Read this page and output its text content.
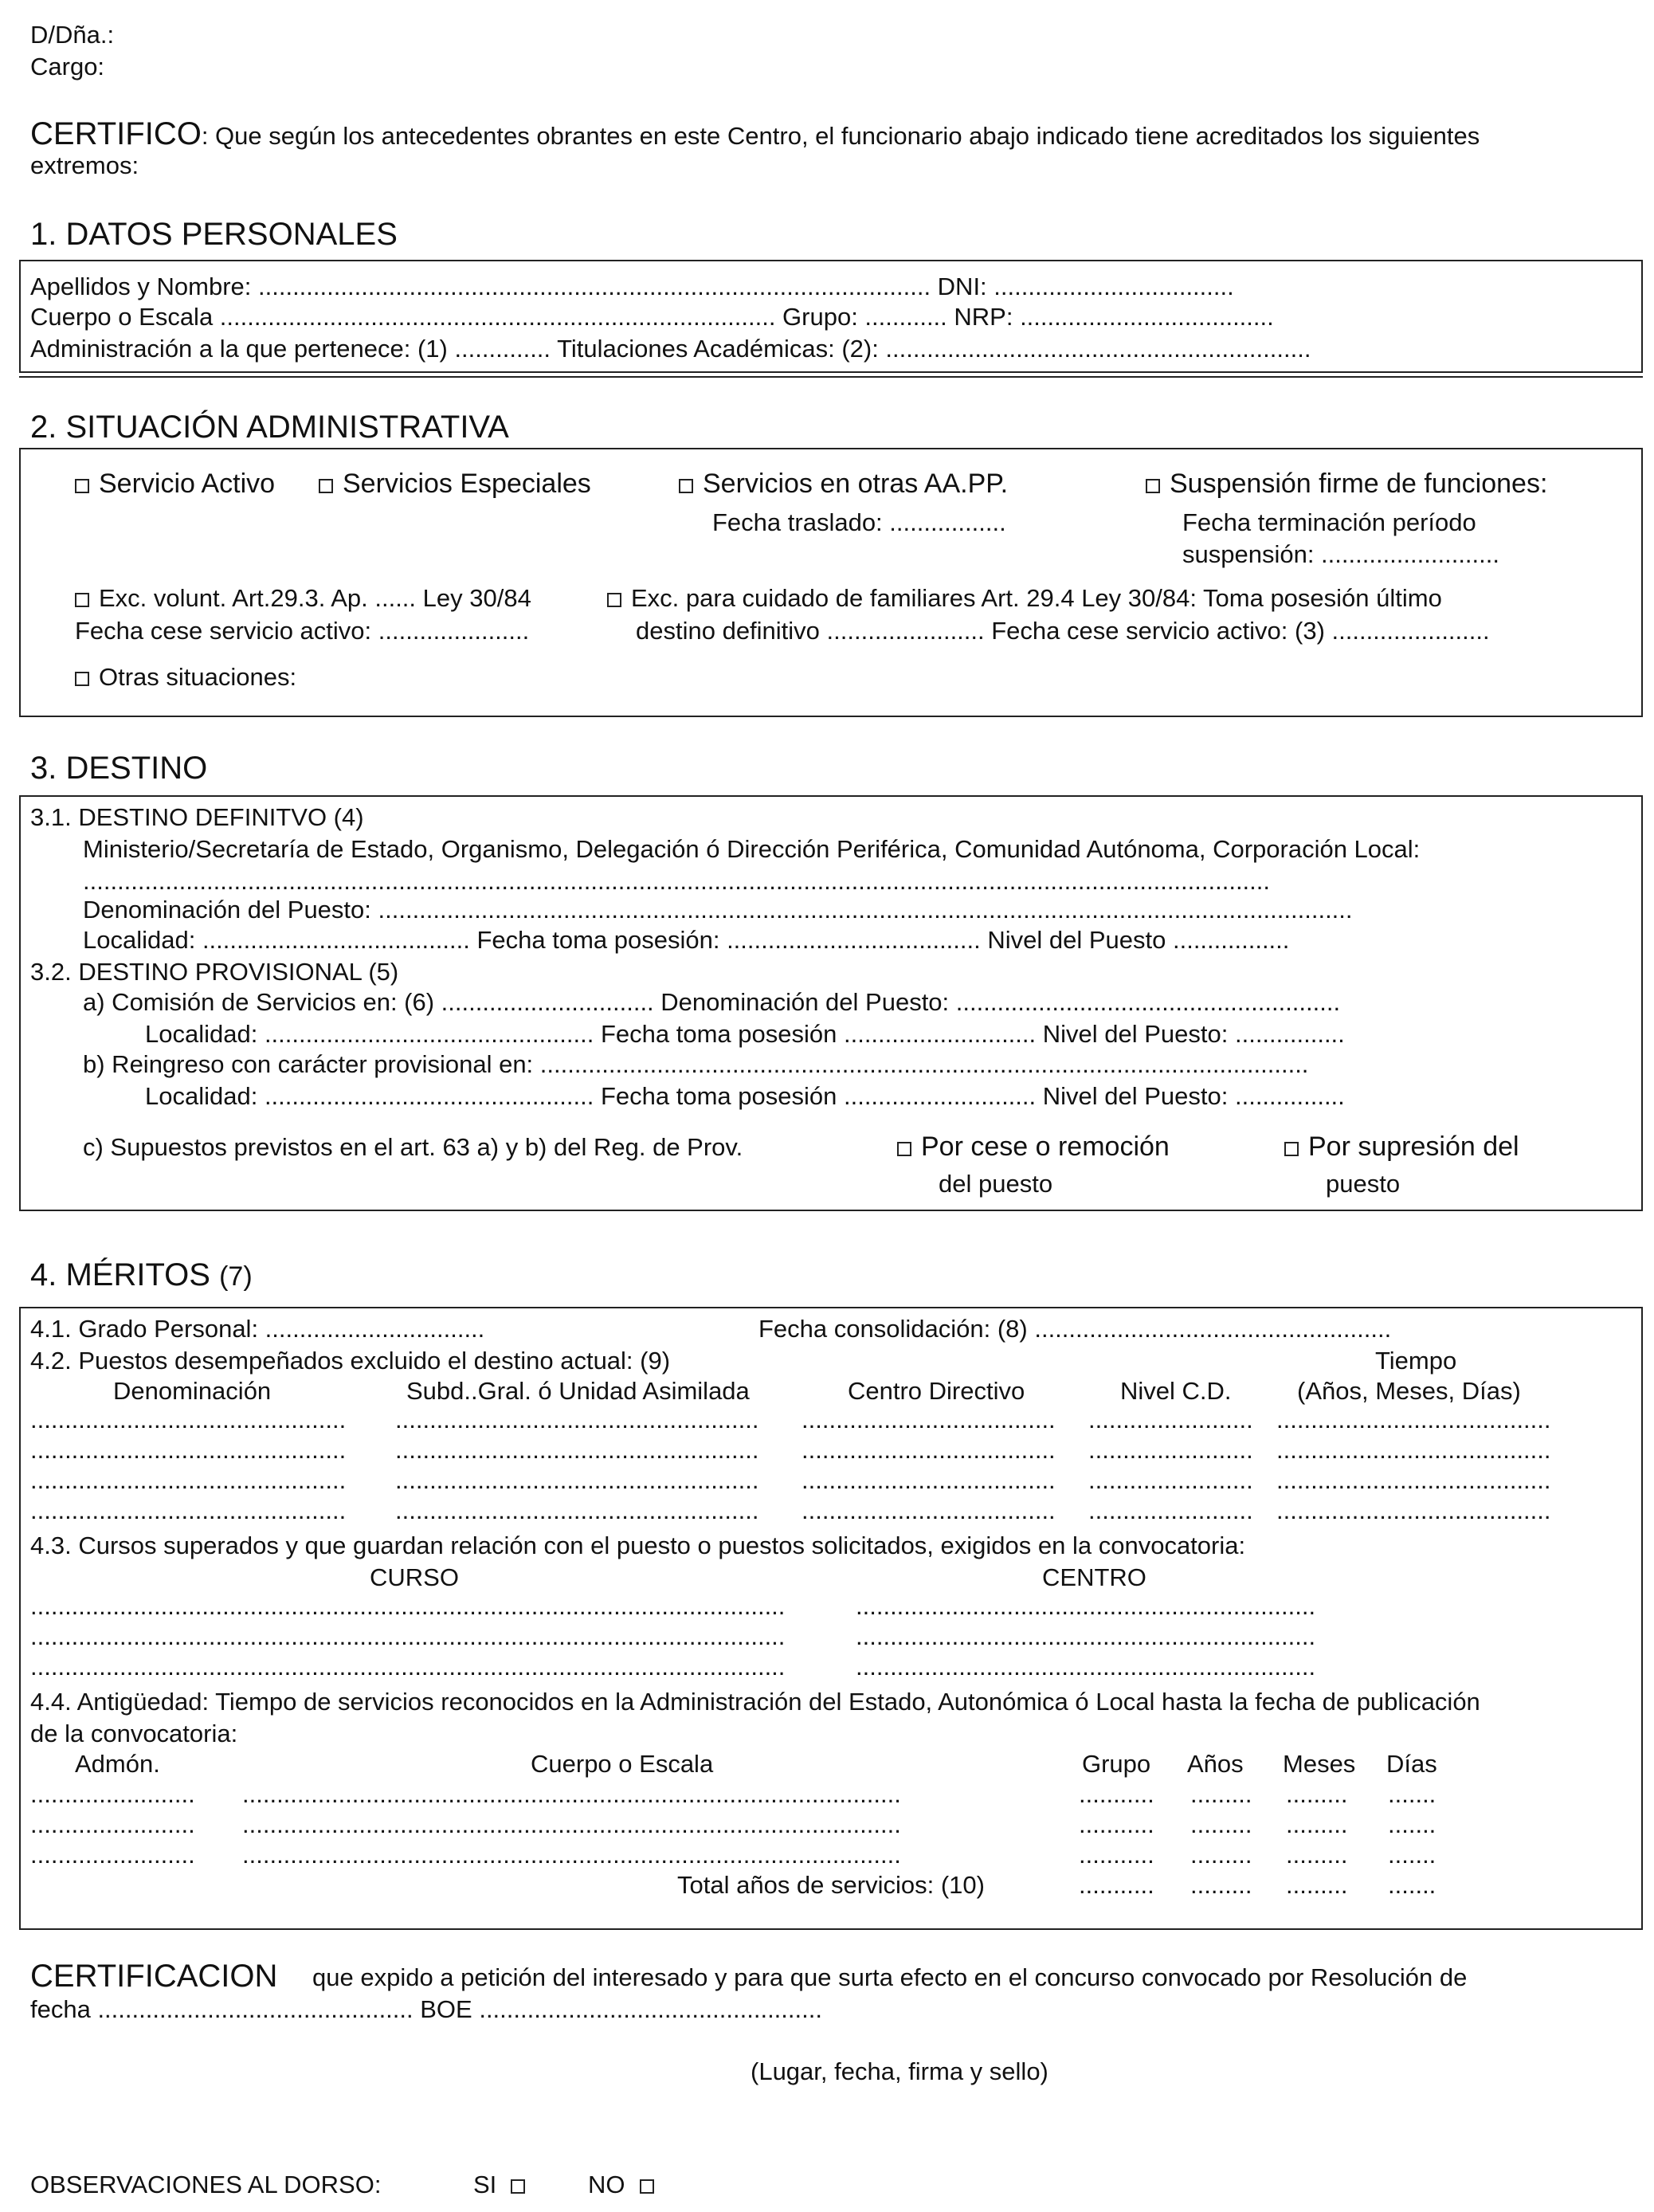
D/Dña.:
Cargo:
CERTIFICO: Que según los antecedentes obrantes en este Centro, el funcionario abajo indicado tiene acreditados los siguientes
extremos:
1. DATOS PERSONALES
Apellidos y Nombre: .................................................................................................. DNI: ...................................
Cuerpo o Escala ................................................................................. Grupo: ............ NRP: .....................................
Administración a la que pertenece: (1) .............. Titulaciones Académicas: (2): ..............................................................
2. SITUACIÓN ADMINISTRATIVA
Servicio Activo	Servicios Especiales	Servicios en otras AA.PP.	Suspensión firme de funciones:
Fecha traslado: .................	Fecha terminación período
suspensión: ..........................
Exc. volunt. Art.29.3. Ap. ...... Ley 30/84
Fecha cese servicio activo: ......................
Exc. para cuidado de familiares Art. 29.4 Ley 30/84: Toma posesión último
destino definitivo ....................... Fecha cese servicio activo: (3) .......................
Otras situaciones:
3. DESTINO
3.1. DESTINO DEFINITVO (4)
Ministerio/Secretaría de Estado, Organismo, Delegación ó Dirección Periférica, Comunidad Autónoma, Corporación Local:
.............................................................................................................................................................................
Denominación del Puesto: ..............................................................................................................................................
Localidad: ....................................... Fecha toma posesión: ..................................... Nivel del Puesto .................
3.2. DESTINO PROVISIONAL (5)
a) Comisión de Servicios en: (6) ............................... Denominación del Puesto: ........................................................
Localidad: ................................................ Fecha toma posesión ............................ Nivel del Puesto: ................
b) Reingreso con carácter provisional en: ................................................................................................................
Localidad: ................................................ Fecha toma posesión ............................ Nivel del Puesto: ................
c) Supuestos previstos en el art. 63 a) y b) del Reg. de Prov.	Por cese o remoción
del puesto
Por supresión del
puesto
4. MÉRITOS (7)
4.1. Grado Personal: ................................	Fecha consolidación: (8) ....................................................
4.2. Puestos desempeñados excluido el destino actual: (9)	Tiempo
Denominación	Subd..Gral. ó Unidad Asimilada	Centro Directivo	Nivel C.D.	(Años, Meses, Días)
.............................................. ..................................................... ..................................... ........................ ........................................
.............................................. ..................................................... ..................................... ........................ ........................................
.............................................. ..................................................... ..................................... ........................ ........................................
.............................................. ..................................................... ..................................... ........................ ........................................
4.3. Cursos superados y que guardan relación con el puesto o puestos solicitados, exigidos en la convocatoria:
CURSO	CENTRO
..............................................................................................................	...................................................................
..............................................................................................................	...................................................................
..............................................................................................................	...................................................................
4.4. Antigüedad: Tiempo de servicios reconocidos en la Administración del Estado, Autonómica ó Local hasta la fecha de publicación
de la convocatoria:
Admón.	Cuerpo o Escala	Grupo Años Meses Días
........................ ................................................................................................	........... ......... ......... .......
........................ ................................................................................................	........... ......... ......... .......
........................ ................................................................................................	........... ......... ......... .......
Total años de servicios: (10)	........... ......... ......... .......
CERTIFICACION que expido a petición del interesado y para que surta efecto en el concurso convocado por Resolución de
fecha .............................................. BOE ..................................................
(Lugar, fecha, firma y sello)
OBSERVACIONES AL DORSO:	SI	NO
